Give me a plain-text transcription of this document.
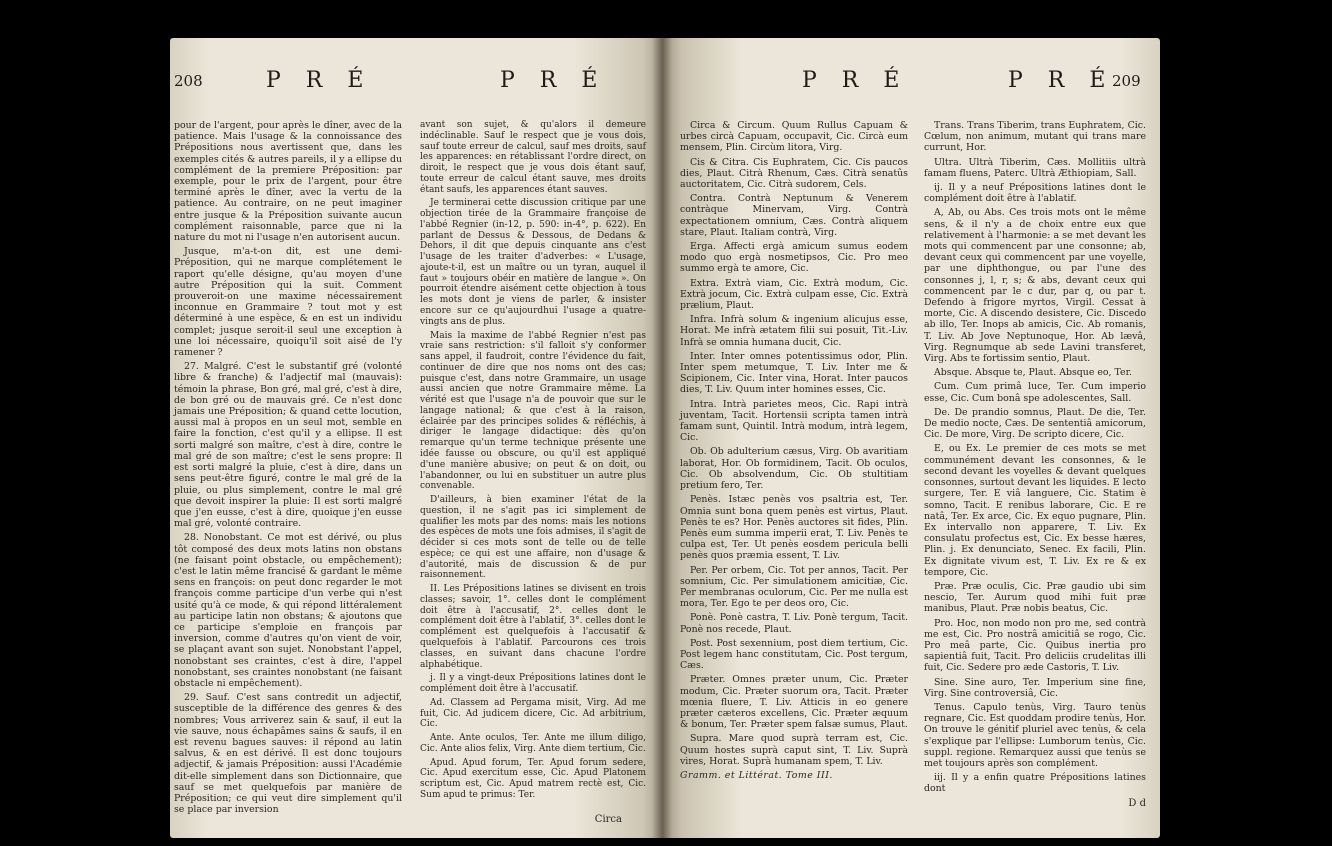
208	P R É	P R É

pour de l'argent, pour après le dîner, avec de la patience. Mais l'usage & la connoissance des Prépositions nous avertissent que, dans les exemples cités & autres pareils, il y a ellipse du complément de la premiere Préposition: par exemple, pour le prix de l'argent, pour être terminé après le dîner, avec la vertu de la patience. Au contraire, on ne peut imaginer entre jusque & la Préposition suivante aucun complément raisonnable, parce que ni la nature du mot ni l'usage n'en autorisent aucun.

Jusque, m'a-t-on dit, est une demi-Préposition, qui ne marque complétement le raport qu'elle désigne, qu'au moyen d'une autre Préposition qui la suit. Comment prouveroit-on une maxime nécessairement inconnue en Grammaire ? tout mot y est déterminé à une espèce, & en est un individu complet; jusque seroit-il seul une exception à une loi nécessaire, quoiqu'il soit aisé de l'y ramener ?

27. Malgré. C'est le substantif gré (volonté libre & franche) & l'adjectif mal (mauvais): témoin la phrase, Bon gré, mal gré, c'est à dire, de bon gré ou de mauvais gré. Ce n'est donc jamais une Préposition; & quand cette locution, aussi mal à propos en un seul mot, semble en faire la fonction, c'est qu'il y a ellipse. Il est sorti malgré son maître, c'est à dire, contre le mal gré de son maître; c'est le sens propre: Il est sorti malgré la pluie, c'est à dire, dans un sens peut-être figuré, contre le mal gré de la pluie, ou plus simplement, contre le mal gré que devoit inspirer la pluie: Il est sorti malgré que j'en eusse, c'est à dire, quoique j'en eusse mal gré, volonté contraire.

28. Nonobstant. Ce mot est dérivé, ou plus tôt composé des deux mots latins non obstans (ne faisant point obstacle, ou empêchement); c'est le latin même francisé & gardant le même sens en françois: on peut donc regarder le mot françois comme participe d'un verbe qui n'est usité qu'à ce mode, & qui répond littéralement au participe latin non obstans; & ajoutons que ce participe s'emploie en françois par inversion, comme d'autres qu'on vient de voir, se plaçant avant son sujet. Nonobstant l'appel, nonobstant ses craintes, c'est à dire, l'appel nonobstant, ses craintes nonobstant (ne faisant obstacle ni empêchement).

29. Sauf. C'est sans contredit un adjectif, susceptible de la différence des genres & des nombres; Vous arriverez sain & sauf, il eut la vie sauve, nous échapâmes sains & saufs, il en est revenu bagues sauves: il répond au latin salvus, & en est dérivé. Il est donc toujours adjectif, & jamais Préposition: aussi l'Académie dit-elle simplement dans son Dictionnaire, que sauf se met quelquefois par manière de Préposition; ce qui veut dire simplement qu'il se place par inversion

avant son sujet, & qu'alors il demeure indéclinable. Sauf le respect que je vous dois, sauf toute erreur de calcul, sauf mes droits, sauf les apparences: en rétablissant l'ordre direct, on diroit, le respect que je vous dois étant sauf, toute erreur de calcul étant sauve, mes droits étant saufs, les apparences étant sauves.

Je terminerai cette discussion critique par une objection tirée de la Grammaire françoise de l'abbé Regnier (in-12, p. 590: in-4°, p. 622). En parlant de Dessus & Dessous, de Dedans & Dehors, il dit que depuis cinquante ans c'est l'usage de les traiter d'adverbes: « L'usage, ajoute-t-il, est un maître ou un tyran, auquel il faut » toujours obéir en matière de langue ». On pourroit étendre aisément cette objection à tous les mots dont je viens de parler, & insister encore sur ce qu'aujourdhui l'usage a quatre-vingts ans de plus.

Mais la maxime de l'abbé Regnier n'est pas vraie sans restriction: s'il falloit s'y conformer sans appel, il faudroit, contre l'évidence du fait, continuer de dire que nos noms ont des cas; puisque c'est, dans notre Grammaire, un usage aussi ancien que notre Grammaire même. La vérité est que l'usage n'a de pouvoir que sur le langage national; & que c'est à la raison, éclairée par des principes solides & réfléchis, à diriger le langage didactique: dès qu'on remarque qu'un terme technique présente une idée fausse ou obscure, ou qu'il est appliqué d'une manière abusive; on peut & on doit, ou l'abandonner, ou lui en substituer un autre plus convenable.

D'ailleurs, à bien examiner l'état de la question, il ne s'agit pas ici simplement de qualifier les mots par des noms: mais les notions des espèces de mots une fois admises, il s'agit de décider si ces mots sont de telle ou de telle espèce; ce qui est une affaire, non d'usage & d'autorité, mais de discussion & de pur raisonnement.

II. Les Prépositions latines se divisent en trois classes; savoir, 1°. celles dont le complément doit être à l'accusatif, 2°. celles dont le complément doit être à l'ablatif, 3°. celles dont le complément est quelquefois à l'accusatif & quelquefois à l'ablatif. Parcourons ces trois classes, en suivant dans chacune l'ordre alphabétique.

j. Il y a vingt-deux Prépositions latines dont le complément doit être à l'accusatif.

Ad. Classem ad Pergama misit, Virg. Ad me fuit, Cic. Ad judicem dicere, Cic. Ad arbitrium, Cic.

Ante. Ante oculos, Ter. Ante me illum diligo, Cic. Ante alios felix, Virg. Ante diem tertium, Cic.

Apud. Apud forum, Ter. Apud forum sedere, Cic. Apud exercitum esse, Cic. Apud Platonem scriptum est, Cic. Apud matrem rectè est, Cic. Sum apud te primus: Ter.

Circa
P R É	P R É
209

Circa & Circum. Quum Rullus Capuam & urbes circà Capuam, occupavit, Cic. Circà eum mensem, Plin. Circùm litora, Virg.

Cis & Citra. Cis Euphratem, Cic. Cis paucos dies, Plaut. Citrà Rhenum, Cæs. Citrà senatûs auctoritatem, Cic. Citrà sudorem, Cels.

Contra. Contrà Neptunum & Venerem contràque Minervam, Virg. Contrà expectationem omnium, Cæs. Contrà aliquem stare, Plaut. Italiam contrà, Virg.

Erga. Affecti ergà amicum sumus eodem modo quo ergà nosmetipsos, Cic. Pro meo summo ergà te amore, Cic.

Extra. Extrà viam, Cic. Extrà modum, Cic. Extrà jocum, Cic. Extrà culpam esse, Cic. Extrà prælium, Plaut.

Infra. Infrà solum & ingenium alicujus esse, Horat. Me infrà ætatem filii sui posuit, Tit.-Liv. Infrà se omnia humana ducit, Cic.

Inter. Inter omnes potentissimus odor, Plin. Inter spem metumque, T. Liv. Inter me & Scipionem, Cic. Inter vina, Horat. Inter paucos dies, T. Liv. Quum inter homines esses, Cic.

Intra. Intrà parietes meos, Cic. Rapi intrà juventam, Tacit. Hortensii scripta tamen intrà famam sunt, Quintil. Intrà modum, intrà legem, Cic.

Ob. Ob adulterium cæsus, Virg. Ob avaritiam laborat, Hor. Ob formidinem, Tacit. Ob oculos, Cic. Ob absolvendum, Cic. Ob stultitiam pretium fero, Ter.

Penès. Istæc penès vos psaltria est, Ter. Omnia sunt bona quem penès est virtus, Plaut. Penès te es? Hor. Penès auctores sit fides, Plin. Penès eum summa imperii erat, T. Liv. Penès te culpa est, Ter. Ut penès eosdem pericula belli penès quos præmia essent, T. Liv.

Per. Per orbem, Cic. Tot per annos, Tacit. Per somnium, Cic. Per simulationem amicitiæ, Cic. Per membranas oculorum, Cic. Per me nulla est mora, Ter. Ego te per deos oro, Cic.

Ponè. Ponè castra, T. Liv. Ponè tergum, Tacit. Ponè nos recede, Plaut.

Post. Post sexennium, post diem tertium, Cic. Post legem hanc constitutam, Cic. Post tergum, Cæs.

Præter. Omnes præter unum, Cic. Præter modum, Cic. Præter suorum ora, Tacit. Præter mœnia fluere, T. Liv. Atticis in eo genere præter cæteros excellens, Cic. Præter æquum & bonum, Ter. Præter spem falsæ sumus, Plaut.

Supra. Mare quod suprà terram est, Cic. Quum hostes suprà caput sint, T. Liv. Suprà vires, Horat. Suprà humanam spem, T. Liv.

Gramm. et Littérat. Tome III.

Trans. Trans Tiberim, trans Euphratem, Cic. Cœlum, non animum, mutant qui trans mare currunt, Hor.

Ultra. Ultrà Tiberim, Cæs. Mollitiis ultrà famam fluens, Paterc. Ultrà Æthiopiam, Sall.

ij. Il y a neuf Prépositions latines dont le complément doit être à l'ablatif.

A, Ab, ou Abs. Ces trois mots ont le même sens, & il n'y a de choix entre eux que relativement à l'harmonie: a se met devant les mots qui commencent par une consonne; ab, devant ceux qui commencent par une voyelle, par une diphthongue, ou par l'une des consonnes j, l, r, s; & abs, devant ceux qui commencent par le c dur, par q, ou par t. Defendo à frigore myrtos, Virgil. Cessat à morte, Cic. A discendo desistere, Cic. Discedo ab illo, Ter. Inops ab amicis, Cic. Ab romanis, T. Liv. Ab Jove Neptunoque, Hor. Ab lævâ, Virg. Regnumque ab sede Lavini transferet, Virg. Abs te fortissim sentio, Plaut.

Absque. Absque te, Plaut. Absque eo, Ter.

Cum. Cum primâ luce, Ter. Cum imperio esse, Cic. Cum bonâ spe adolescentes, Sall.

De. De prandio somnus, Plaut. De die, Ter. De medio nocte, Cæs. De sententiâ amicorum, Cic. De more, Virg. De scripto dicere, Cic.

E, ou Ex. Le premier de ces mots se met communément devant les consonnes, & le second devant les voyelles & devant quelques consonnes, surtout devant les liquides. E lecto surgere, Ter. E viâ languere, Cic. Statim è somno, Tacit. E renibus laborare, Cic. E re natâ, Ter. Ex arce, Cic. Ex equo pugnare, Plin. Ex intervallo non apparere, T. Liv. Ex consulatu profectus est, Cic. Ex besse hæres, Plin. j. Ex denunciato, Senec. Ex facili, Plin. Ex dignitate vivum est, T. Liv. Ex re & ex tempore, Cic.

Præ. Præ oculis, Cic. Præ gaudio ubi sim nescio, Ter. Aurum quod mihi fuit præ manibus, Plaut. Præ nobis beatus, Cic.

Pro. Hoc, non modo non pro me, sed contrà me est, Cic. Pro nostrâ amicitiâ se rogo, Cic. Pro meâ parte, Cic. Quibus inertia pro sapientiâ fuit, Tacit. Pro deliciis crudelitas illi fuit, Cic. Sedere pro æde Castoris, T. Liv.

Sine. Sine auro, Ter. Imperium sine fine, Virg. Sine controversiâ, Cic.

Tenus. Capulo tenùs, Virg. Tauro tenùs regnare, Cic. Est quoddam prodire tenùs, Hor. On trouve le génitif pluriel avec tenùs, & cela s'explique par l'ellipse: Lumborum tenùs, Cic. suppl. regione. Remarquez aussi que tenùs se met toujours après son complément.

iij. Il y a enfin quatre Prépositions latines dont

D d
